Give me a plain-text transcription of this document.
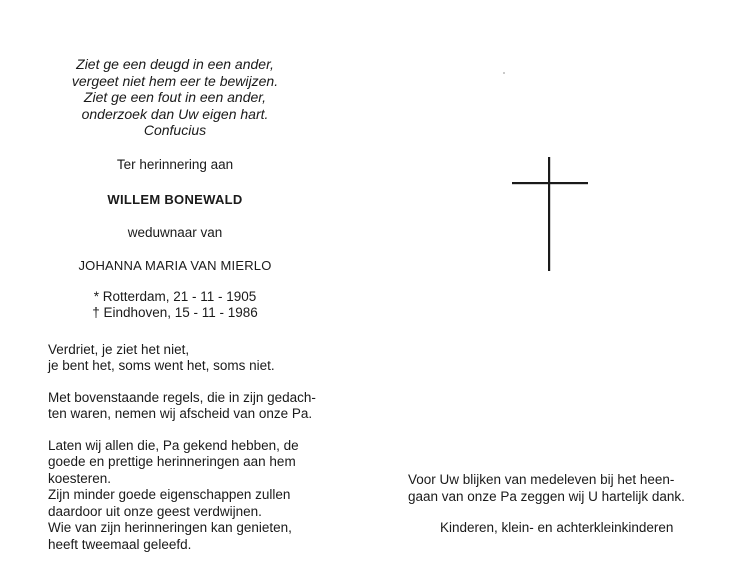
Ziet ge een deugd in een ander,
vergeet niet hem eer te bewijzen.
Ziet ge een fout in een ander,
onderzoek dan Uw eigen hart.
Confucius
Ter herinnering aan
WILLEM BONEWALD
weduwnaar van
JOHANNA MARIA VAN MIERLO
* Rotterdam, 21 - 11 - 1905
† Eindhoven, 15 - 11 - 1986
Verdriet, je ziet het niet,
je bent het, soms went het, soms niet.
Met bovenstaande regels, die in zijn gedach-
ten waren, nemen wij afscheid van onze Pa.
Laten wij allen die, Pa gekend hebben, de
goede en prettige herinneringen aan hem
koesteren.
Zijn minder goede eigenschappen zullen
daardoor uit onze geest verdwijnen.
Wie van zijn herinneringen kan genieten,
heeft tweemaal geleefd.
Voor Uw blijken van medeleven bij het heen-
gaan van onze Pa zeggen wij U hartelijk dank.
Kinderen, klein- en achterkleinkinderen
